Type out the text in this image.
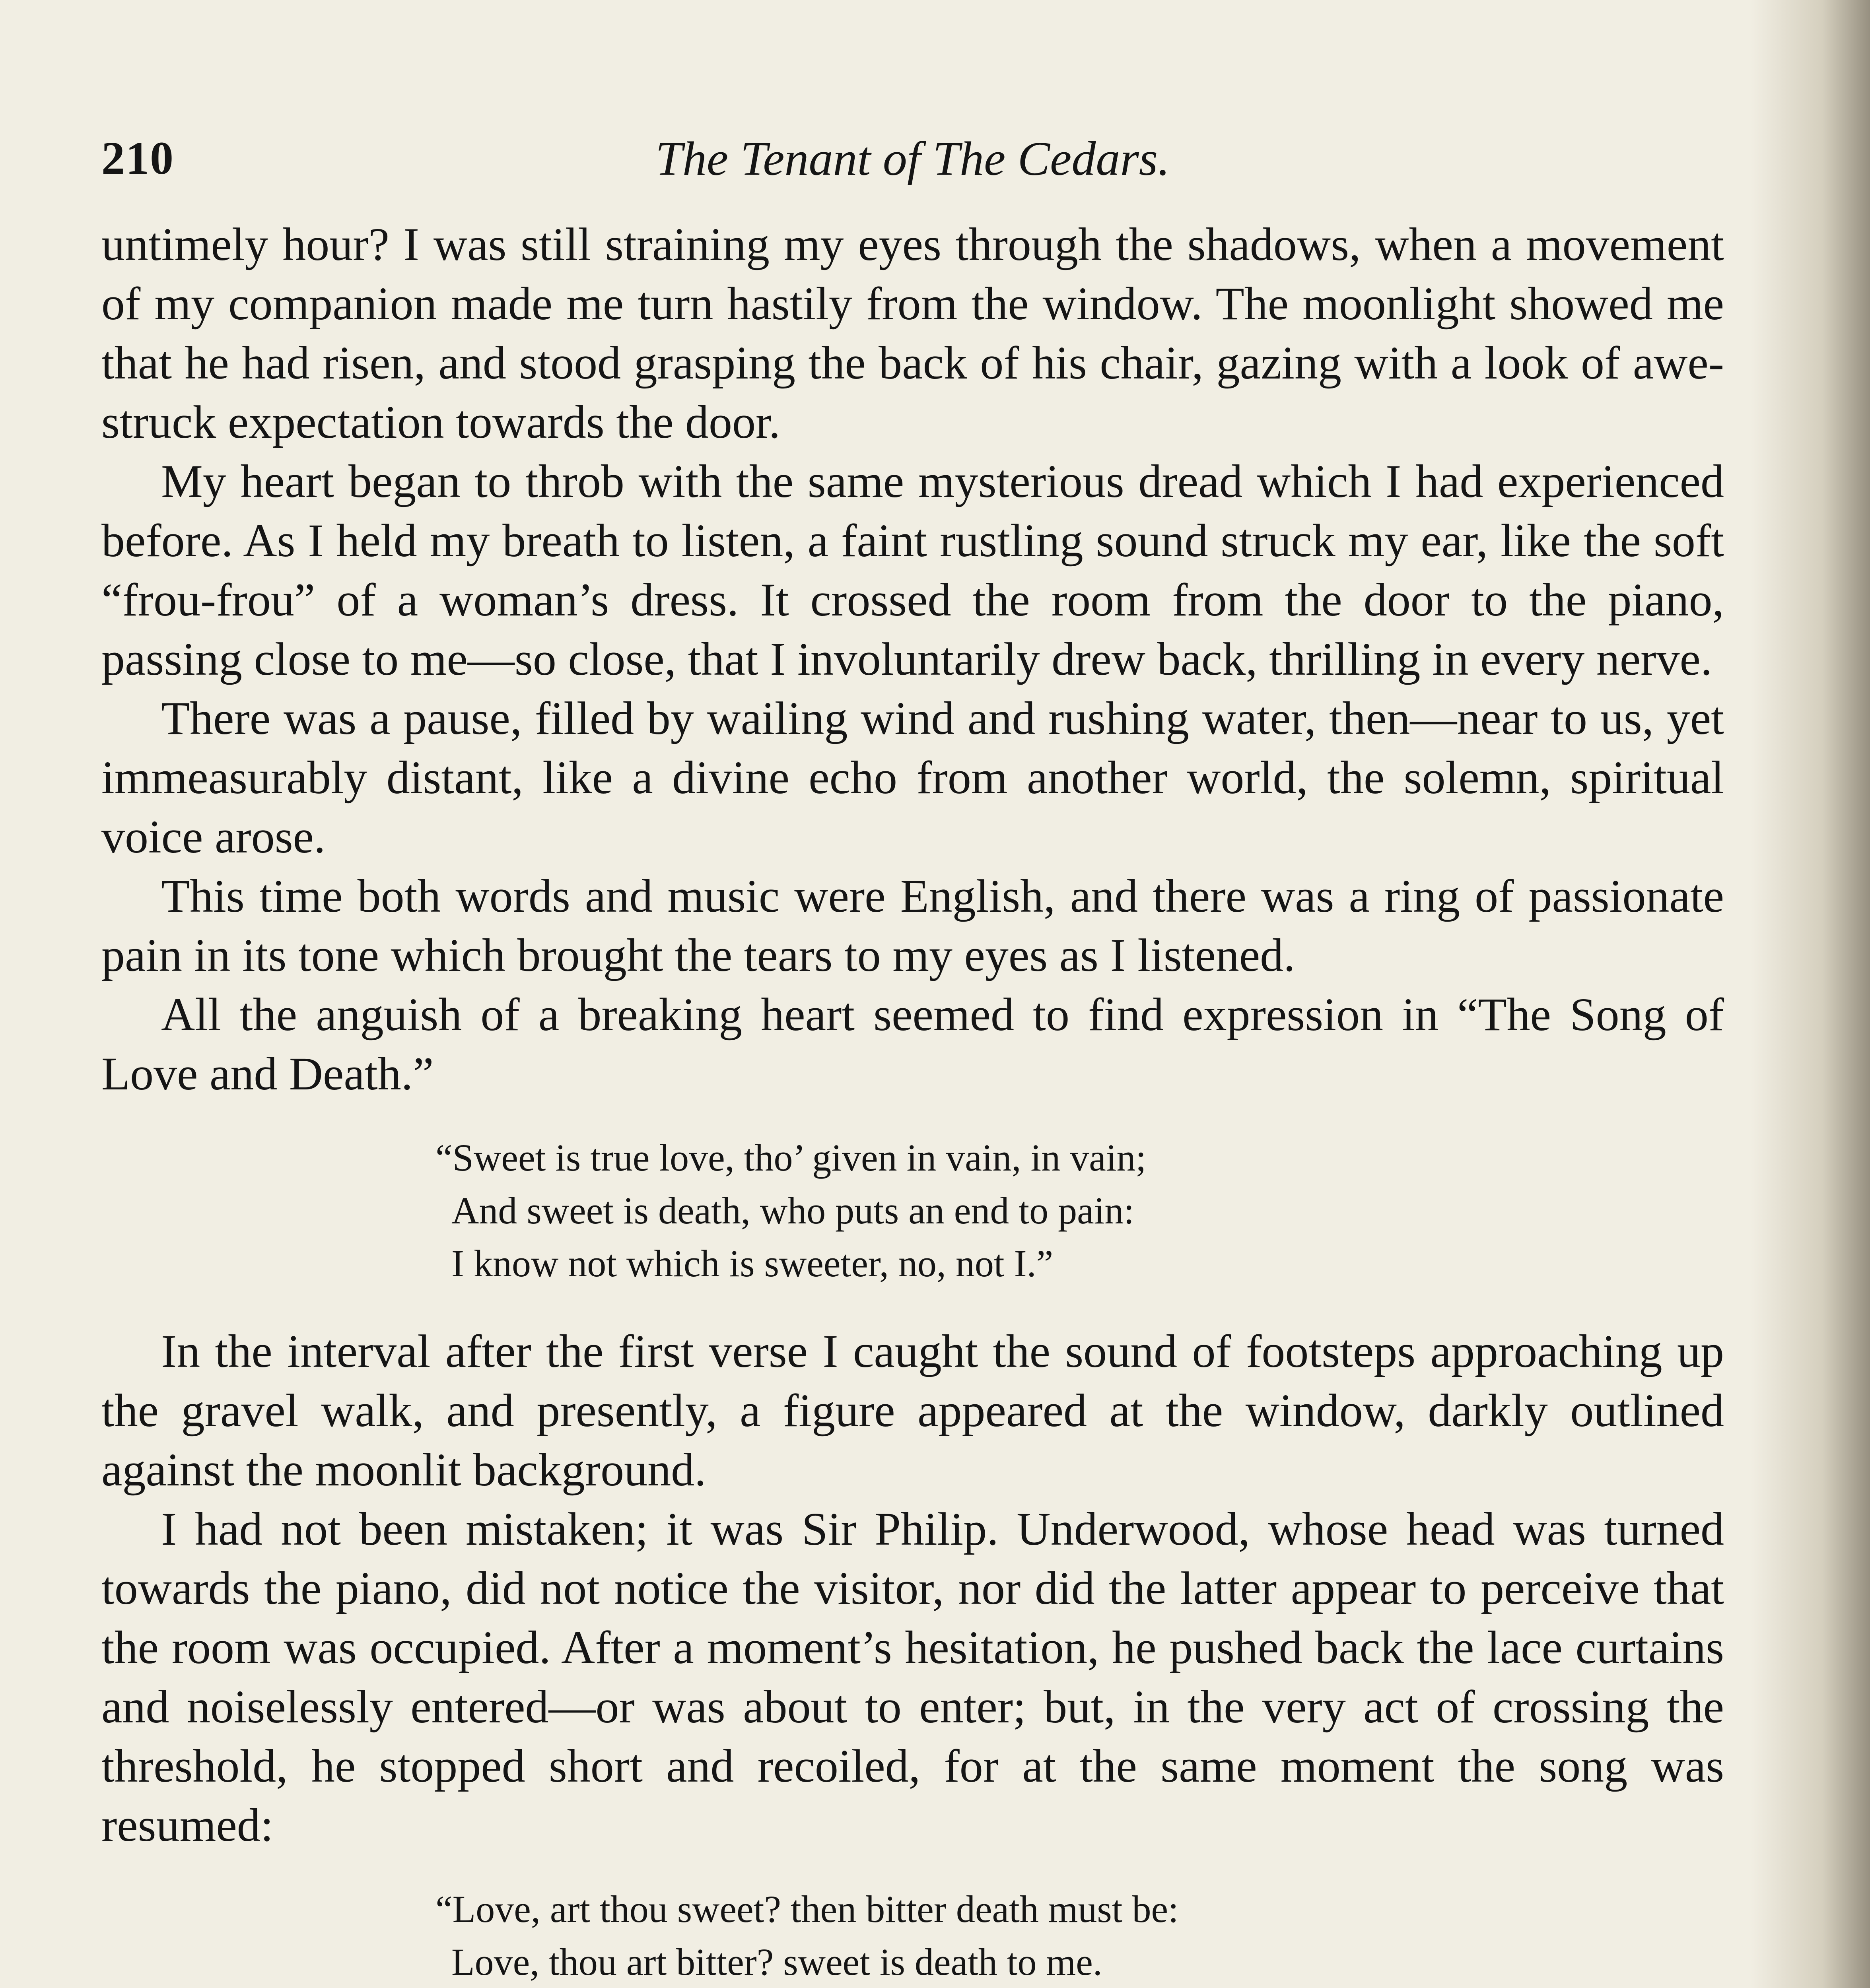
210	The Tenant of The Cedars.

untimely hour? I was still straining my eyes through the shadows, when a movement of my companion made me turn hastily from the window. The moonlight showed me that he had risen, and stood grasping the back of his chair, gazing with a look of awe-struck expectation towards the door.

My heart began to throb with the same mysterious dread which I had experienced before. As I held my breath to listen, a faint rustling sound struck my ear, like the soft “frou-frou” of a woman’s dress. It crossed the room from the door to the piano, passing close to me—so close, that I involuntarily drew back, thrilling in every nerve.

There was a pause, filled by wailing wind and rushing water, then—near to us, yet immeasurably distant, like a divine echo from another world, the solemn, spiritual voice arose.

This time both words and music were English, and there was a ring of passionate pain in its tone which brought the tears to my eyes as I listened.

All the anguish of a breaking heart seemed to find expression in “The Song of Love and Death.”

“Sweet is true love, tho’ given in vain, in vain;
And sweet is death, who puts an end to pain:
I know not which is sweeter, no, not I.”

In the interval after the first verse I caught the sound of footsteps approaching up the gravel walk, and presently, a figure appeared at the window, darkly outlined against the moonlit background.

I had not been mistaken; it was Sir Philip. Underwood, whose head was turned towards the piano, did not notice the visitor, nor did the latter appear to perceive that the room was occupied. After a moment’s hesitation, he pushed back the lace curtains and noiselessly entered—or was about to enter; but, in the very act of crossing the threshold, he stopped short and recoiled, for at the same moment the song was resumed:

“Love, art thou sweet? then bitter death must be:
Love, thou art bitter? sweet is death to me.
